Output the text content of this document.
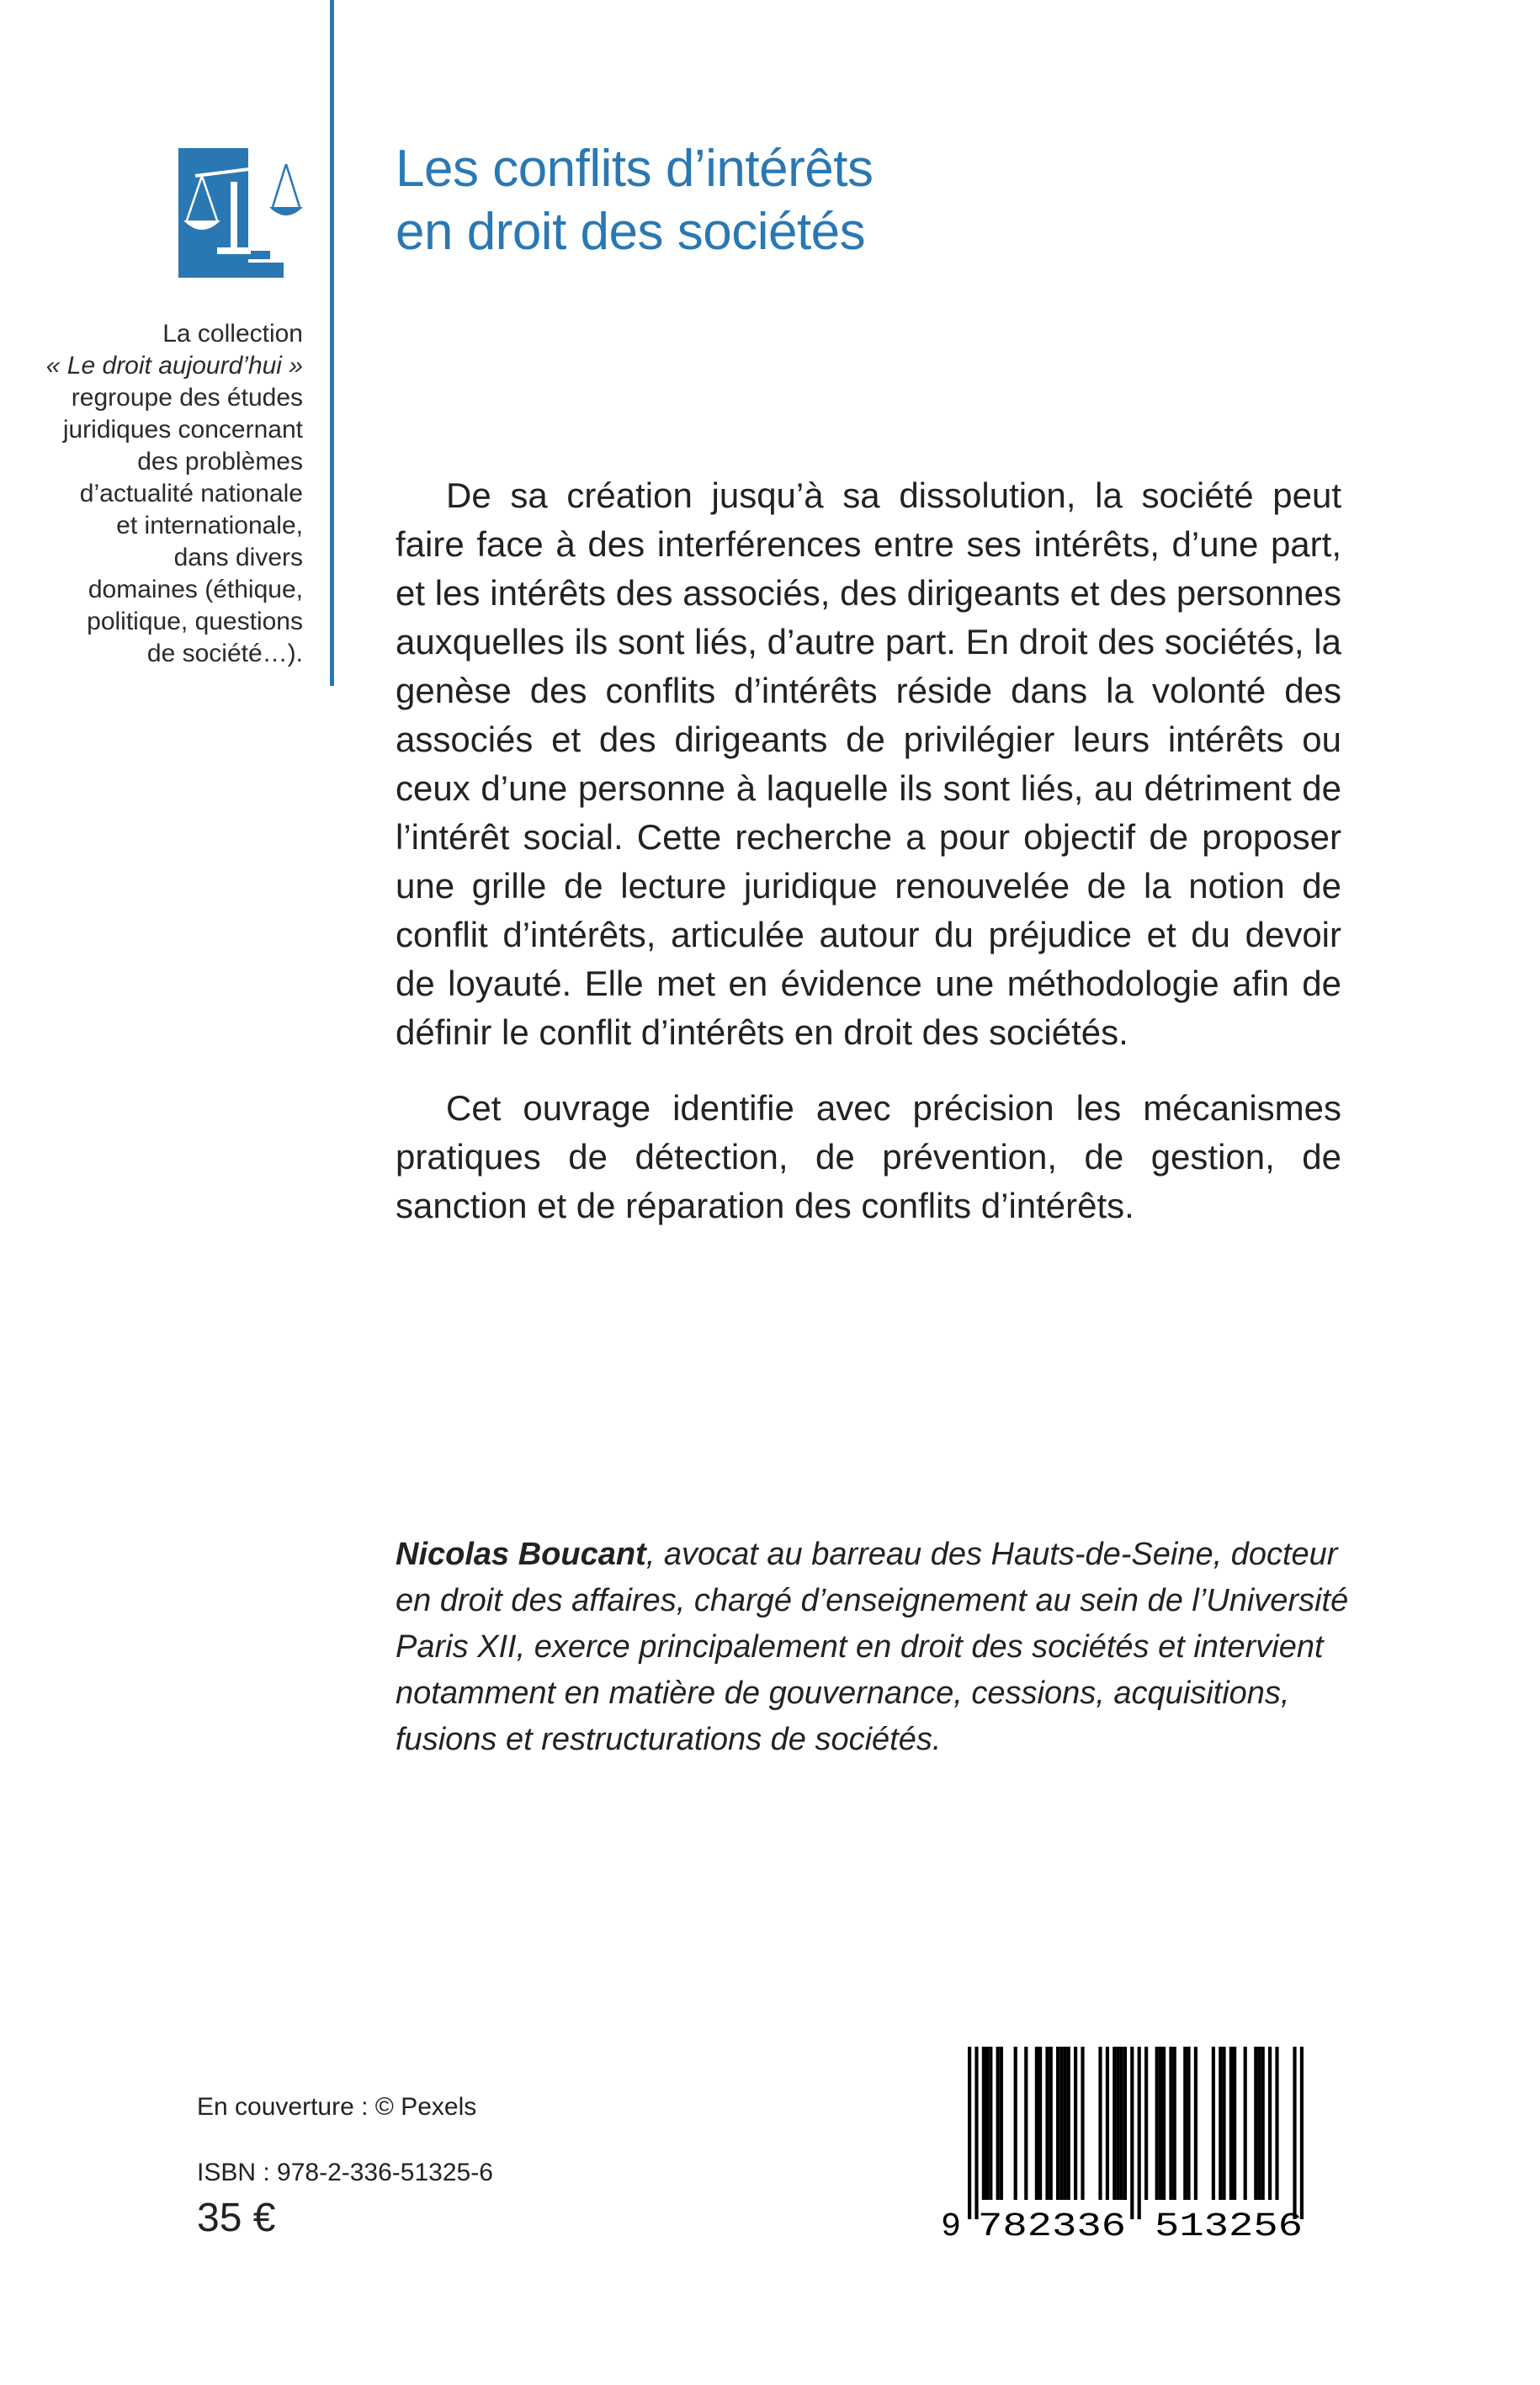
Les conflits d’intérêts
en droit des sociétés
La collection
« Le droit aujourd’hui »
regroupe des études
juridiques concernant
des problèmes
d’actualité nationale
et internationale,
dans divers
domaines (éthique,
politique, questions
de société…).

De sa création jusqu’à sa dissolution, la société peut faire face à des interférences entre ses intérêts, d’une part, et les intérêts des associés, des dirigeants et des personnes auxquelles ils sont liés, d’autre part. En droit des sociétés, la genèse des conflits d’intérêts réside dans la volonté des associés et des dirigeants de privilégier leurs intérêts ou ceux d’une personne à laquelle ils sont liés, au détriment de l’intérêt social. Cette recherche a pour objectif de proposer une grille de lecture juridique renouvelée de la notion de conflit d’intérêts, articulée autour du préjudice et du devoir de loyauté. Elle met en évidence une méthodologie afin de définir le conflit d’intérêts en droit des sociétés.

Cet ouvrage identifie avec précision les mécanismes pratiques de détection, de prévention, de gestion, de sanction et de réparation des conflits d’intérêts.

Nicolas Boucant, avocat au barreau des Hauts-de-Seine, docteur
en droit des affaires, chargé d’enseignement au sein de l’Université
Paris XII, exerce principalement en droit des sociétés et intervient
notamment en matière de gouvernance, cessions, acquisitions,
fusions et restructurations de sociétés.
En couverture : © Pexels
ISBN : 978-2-336-51325-6
35 €	9 782336 513256
